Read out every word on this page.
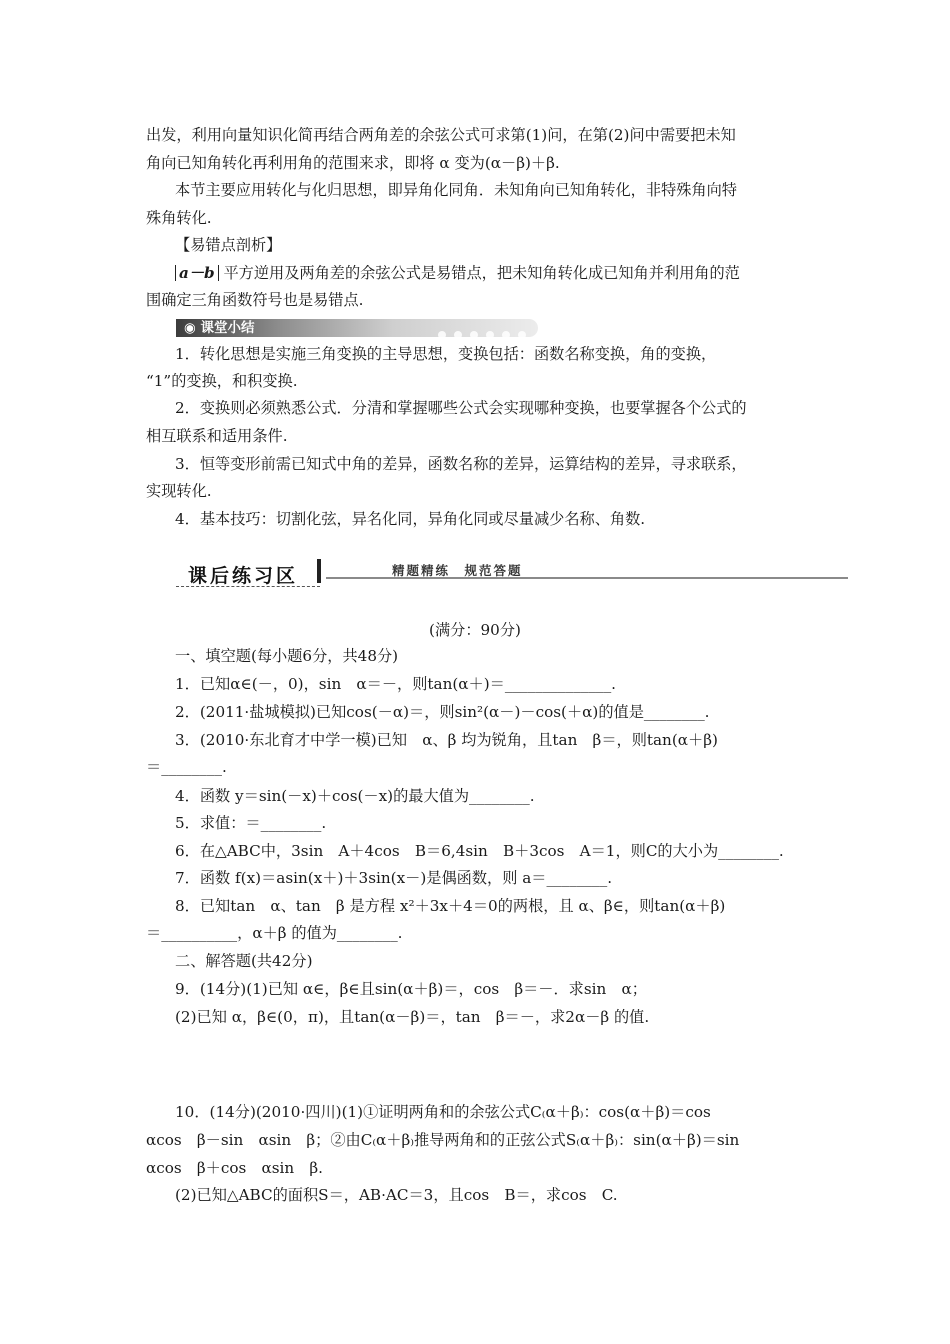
出发，利用向量知识化简再结合两角差的余弦公式可求第(1)问，在第(2)问中需要把未知
角向已知角转化再利用角的范围来求，即将 α 变为(α－β)＋β.
本节主要应用转化与化归思想，即异角化同角．未知角向已知角转化，非特殊角向特
殊角转化.
【易错点剖析】
a－b 平方逆用及两角差的余弦公式是易错点，把未知角转化成已知角并利用角的范
围确定三角函数符号也是易错点.
◉ 课堂小结
1．转化思想是实施三角变换的主导思想，变换包括：函数名称变换，角的变换，
“1”的变换，和积变换.
2．变换则必须熟悉公式．分清和掌握哪些公式会实现哪种变换，也要掌握各个公式的
相互联系和适用条件.
3．恒等变形前需已知式中角的差异，函数名称的差异，运算结构的差异，寻求联系，
实现转化.
4．基本技巧：切割化弦，异名化同，异角化同或尽量减少名称、角数.
课后练习区	精题精练　规范答题
(满分：90分)
一、填空题(每小题6分，共48分)
1．已知α∈(－，0)，sin　α＝－，则tan(α＋)＝______________.
2．(2011·盐城模拟)已知cos(－α)＝，则sin²(α－)－cos(＋α)的值是________.
3．(2010·东北育才中学一模)已知　α、β 均为锐角，且tan　β＝，则tan(α＋β)
＝________.
4．函数 y＝sin(－x)＋cos(－x)的最大值为________.
5．求值：＝________.
6．在△ABC中，3sin　A＋4cos　B＝6,4sin　B＋3cos　A＝1，则C的大小为________.
7．函数 f(x)＝asin(x＋)＋3sin(x－)是偶函数，则 a＝________.
8．已知tan　α、tan　β 是方程 x²＋3x＋4＝0的两根，且 α、β∈，则tan(α＋β)
＝__________，α＋β 的值为________.
二、解答题(共42分)
9．(14分)(1)已知 α∈，β∈且sin(α＋β)＝，cos　β＝－．求sin　α；
(2)已知 α，β∈(0，π)，且tan(α－β)＝，tan　β＝－，求2α－β 的值.
10．(14分)(2010·四川)(1)①证明两角和的余弦公式C₍α＋β₎：cos(α＋β)＝cos
αcos　β－sin　αsin　β；②由C₍α＋β₎推导两角和的正弦公式S₍α＋β₎：sin(α＋β)＝sin
αcos　β＋cos　αsin　β.
(2)已知△ABC的面积S＝，AB·AC＝3，且cos　B＝，求cos　C.
